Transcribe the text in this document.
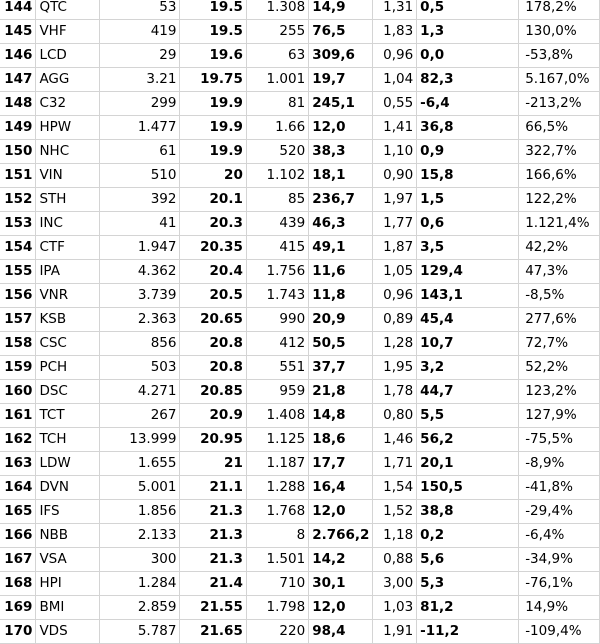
144	QTC	53	19.5	1.308	14,9	1,31	0,5	178,2%
145	VHF	419	19.5	255	76,5	1,83	1,3	130,0%
146	LCD	29	19.6	63	309,6	0,96	0,0	-53,8%
147	AGG	3.21	19.75	1.001	19,7	1,04	82,3	5.167,0%
148	C32	299	19.9	81	245,1	0,55	-6,4	-213,2%
149	HPW	1.477	19.9	1.66	12,0	1,41	36,8	66,5%
150	NHC	61	19.9	520	38,3	1,10	0,9	322,7%
151	VIN	510	20	1.102	18,1	0,90	15,8	166,6%
152	STH	392	20.1	85	236,7	1,97	1,5	122,2%
153	INC	41	20.3	439	46,3	1,77	0,6	1.121,4%
154	CTF	1.947	20.35	415	49,1	1,87	3,5	42,2%
155	IPA	4.362	20.4	1.756	11,6	1,05	129,4	47,3%
156	VNR	3.739	20.5	1.743	11,8	0,96	143,1	-8,5%
157	KSB	2.363	20.65	990	20,9	0,89	45,4	277,6%
158	CSC	856	20.8	412	50,5	1,28	10,7	72,7%
159	PCH	503	20.8	551	37,7	1,95	3,2	52,2%
160	DSC	4.271	20.85	959	21,8	1,78	44,7	123,2%
161	TCT	267	20.9	1.408	14,8	0,80	5,5	127,9%
162	TCH	13.999	20.95	1.125	18,6	1,46	56,2	-75,5%
163	LDW	1.655	21	1.187	17,7	1,71	20,1	-8,9%
164	DVN	5.001	21.1	1.288	16,4	1,54	150,5	-41,8%
165	IFS	1.856	21.3	1.768	12,0	1,52	38,8	-29,4%
166	NBB	2.133	21.3	8	2.766,2	1,18	0,2	-6,4%
167	VSA	300	21.3	1.501	14,2	0,88	5,6	-34,9%
168	HPI	1.284	21.4	710	30,1	3,00	5,3	-76,1%
169	BMI	2.859	21.55	1.798	12,0	1,03	81,2	14,9%
170	VDS	5.787	21.65	220	98,4	1,91	-11,2	-109,4%
